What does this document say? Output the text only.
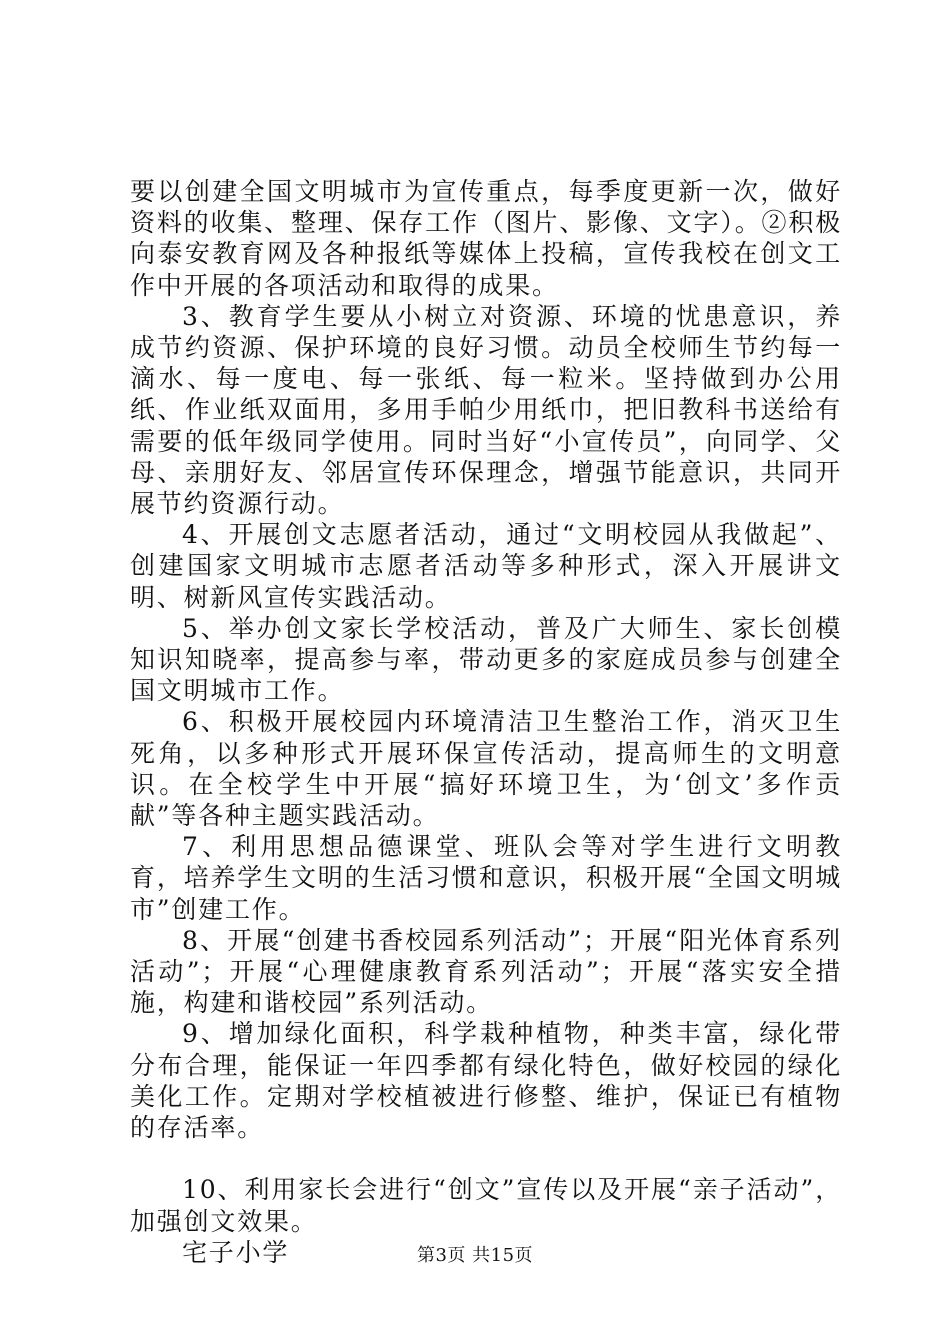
要以创建全国文明城市为宣传重点，每季度更新一次，做好资料的收集、整理、保存工作（图片、影像、文字）。②积极向泰安教育网及各种报纸等媒体上投稿，宣传我校在创文工作中开展的各项活动和取得的成果。

3、教育学生要从小树立对资源、环境的忧患意识，养成节约资源、保护环境的良好习惯。动员全校师生节约每一滴水、每一度电、每一张纸、每一粒米。坚持做到办公用纸、作业纸双面用，多用手帕少用纸巾，把旧教科书送给有需要的低年级同学使用。同时当好“小宣传员”，向同学、父母、亲朋好友、邻居宣传环保理念，增强节能意识，共同开展节约资源行动。

4、开展创文志愿者活动，通过“文明校园从我做起”、创建国家文明城市志愿者活动等多种形式，深入开展讲文明、树新风宣传实践活动。

5、举办创文家长学校活动，普及广大师生、家长创模知识知晓率，提高参与率，带动更多的家庭成员参与创建全国文明城市工作。

6、积极开展校园内环境清洁卫生整治工作，消灭卫生死角，以多种形式开展环保宣传活动，提高师生的文明意识。在全校学生中开展“搞好环境卫生，为‘创文’多作贡献”等各种主题实践活动。

7、利用思想品德课堂、班队会等对学生进行文明教育，培养学生文明的生活习惯和意识，积极开展“全国文明城市”创建工作。

8、开展“创建书香校园系列活动”；开展“阳光体育系列活动”；开展“心理健康教育系列活动”；开展“落实安全措施，构建和谐校园”系列活动。

9、增加绿化面积，科学栽种植物，种类丰富，绿化带分布合理，能保证一年四季都有绿化特色，做好校园的绿化美化工作。定期对学校植被进行修整、维护，保证已有植物的存活率。

10、利用家长会进行“创文”宣传以及开展“亲子活动”，加强创文效果。

宅子小学	第3页 共15页
